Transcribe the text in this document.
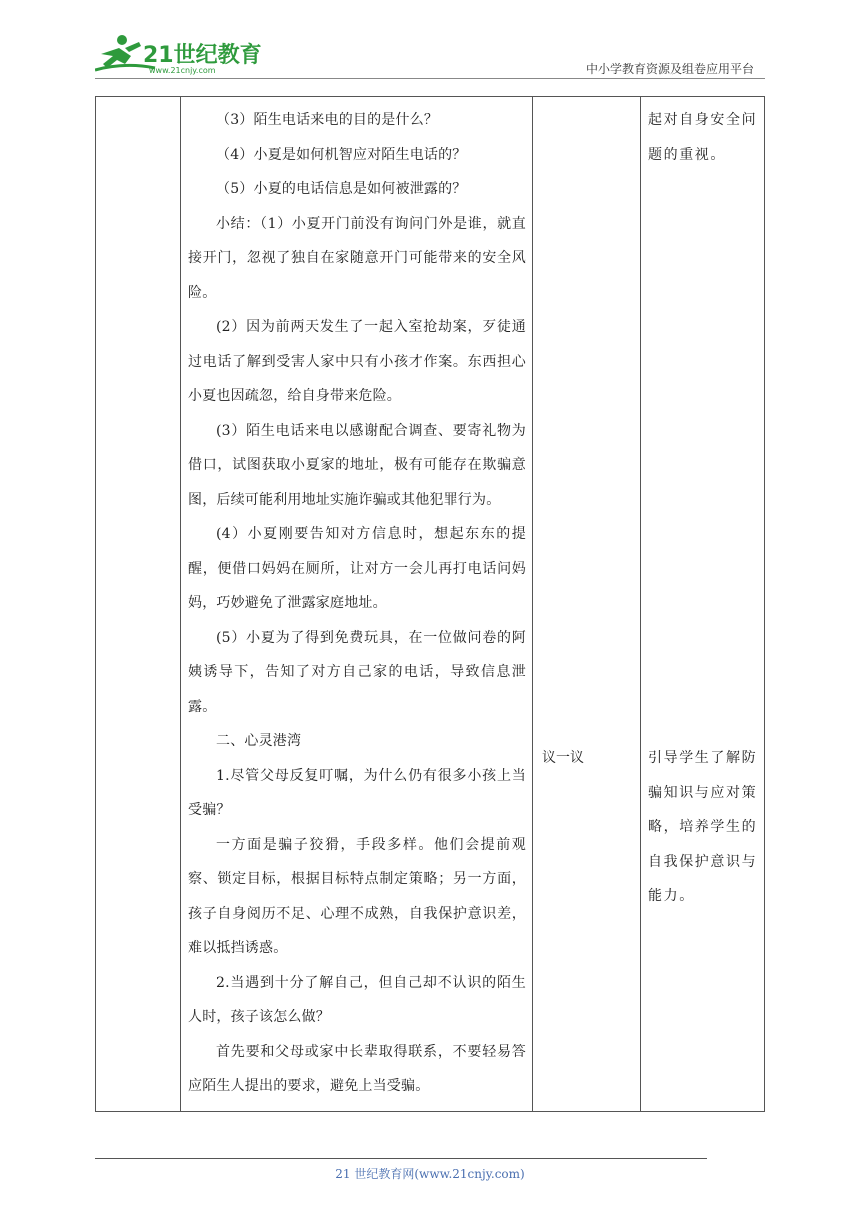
21世纪教育
www.21cnjy.com	中小学教育资源及组卷应用平台

（3）陌生电话来电的目的是什么？

（4）小夏是如何机智应对陌生电话的？

（5）小夏的电话信息是如何被泄露的？

小结：（1）小夏开门前没有询问门外是谁，就直接开门，忽视了独自在家随意开门可能带来的安全风险。

(2）因为前两天发生了一起入室抢劫案，歹徒通过电话了解到受害人家中只有小孩才作案。东西担心小夏也因疏忽，给自身带来危险。

(3）陌生电话来电以感谢配合调查、要寄礼物为借口，试图获取小夏家的地址，极有可能存在欺骗意图，后续可能利用地址实施诈骗或其他犯罪行为。

(4）小夏刚要告知对方信息时，想起东东的提醒，便借口妈妈在厕所，让对方一会儿再打电话问妈妈，巧妙避免了泄露家庭地址。

(5）小夏为了得到免费玩具，在一位做问卷的阿姨诱导下，告知了对方自己家的电话，导致信息泄露。

二、心灵港湾

1.尽管父母反复叮嘱，为什么仍有很多小孩上当受骗？

一方面是骗子狡猾，手段多样。他们会提前观察、锁定目标，根据目标特点制定策略；另一方面，孩子自身阅历不足、心理不成熟，自我保护意识差，难以抵挡诱惑。

2.当遇到十分了解自己，但自己却不认识的陌生人时，孩子该怎么做？

首先要和父母或家中长辈取得联系，不要轻易答应陌生人提出的要求，避免上当受骗。

议一议

起对自身安全问题的重视。

引导学生了解防骗知识与应对策略，培养学生的自我保护意识与能力。

21 世纪教育网(www.21cnjy.com)
